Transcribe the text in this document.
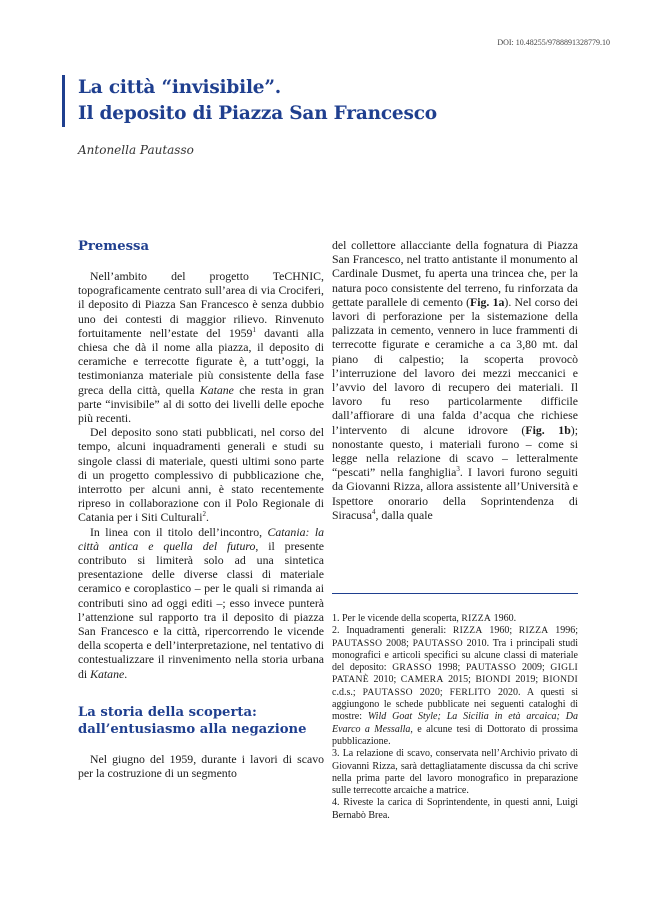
DOI: 10.48255/9788891328779.10
La città “invisibile”.
Il deposito di Piazza San Francesco
Antonella Pautasso
Premessa

Nell’ambito del progetto TeCHNIC, topograficamente centrato sull’area di via Crociferi, il deposito di Piazza San Francesco è senza dubbio uno dei contesti di maggior rilievo. Rinvenuto fortuitamente nell’estate del 1959$^1$ davanti alla chiesa che dà il nome alla piazza, il deposito di ceramiche e terrecotte figurate è, a tutt’oggi, la testimonianza materiale più consistente della fase greca della città, quella Katane che resta in gran parte “invisibile” al di sotto dei livelli delle epoche più recenti.

Del deposito sono stati pubblicati, nel corso del tempo, alcuni inquadramenti generali e studi su singole classi di materiale, questi ultimi sono parte di un progetto complessivo di pubblicazione che, interrotto per alcuni anni, è stato recentemente ripreso in collaborazione con il Polo Regionale di Catania per i Siti Culturali$^2$.

In linea con il titolo dell’incontro, Catania: la città antica e quella del futuro, il presente contributo si limiterà solo ad una sintetica presentazione delle diverse classi di materiale ceramico e coroplastico – per le quali si rimanda ai contributi sino ad oggi editi –; esso invece punterà l’attenzione sul rapporto tra il deposito di piazza San Francesco e la città, ripercorrendo le vicende della scoperta e dell’interpretazione, nel tentativo di contestualizzare il rinvenimento nella storia urbana di Katane.

La storia della scoperta:
dall’entusiasmo alla negazione

Nel giugno del 1959, durante i lavori di scavo per la costruzione di un segmento

del collettore allacciante della fognatura di Piazza San Francesco, nel tratto antistante il monumento al Cardinale Dusmet, fu aperta una trincea che, per la natura poco consistente del terreno, fu rinforzata da gettate parallele di cemento (Fig. 1a). Nel corso dei lavori di perforazione per la sistemazione della palizzata in cemento, vennero in luce frammenti di terrecotte figurate e ceramiche a ca 3,80 mt. dal piano di calpestio; la scoperta provocò l’interruzione del lavoro dei mezzi meccanici e l’avvio del lavoro di recupero dei materiali. Il lavoro fu reso particolarmente difficile dall’affiorare di una falda d’acqua che richiese l’intervento di alcune idrovore (Fig. 1b); nonostante questo, i materiali furono – come si legge nella relazione di scavo – letteralmente “pescati” nella fanghiglia$^3$. I lavori furono seguiti da Giovanni Rizza, allora assistente all’Università e Ispettore onorario della Soprintendenza di Siracusa$^4$, dalla quale

1. Per le vicende della scoperta, RIZZA 1960.

2. Inquadramenti generali: RIZZA 1960; RIZZA 1996; PAUTASSO 2008; PAUTASSO 2010. Tra i principali studi monografici e articoli specifici su alcune classi di materiale del deposito: GRASSO 1998; PAUTASSO 2009; GIGLI PATANÈ 2010; CAMERA 2015; BIONDI 2019; BIONDI c.d.s.; PAUTASSO 2020; FERLITO 2020. A questi si aggiungono le schede pubblicate nei seguenti cataloghi di mostre: Wild Goat Style; La Sicilia in età arcaica; Da Evarco a Messalla, e alcune tesi di Dottorato di prossima pubblicazione.

3. La relazione di scavo, conservata nell’Archivio privato di Giovanni Rizza, sarà dettagliatamente discussa da chi scrive nella prima parte del lavoro monografico in preparazione sulle terrecotte arcaiche a matrice.

4. Riveste la carica di Soprintendente, in questi anni, Luigi Bernabò Brea.
